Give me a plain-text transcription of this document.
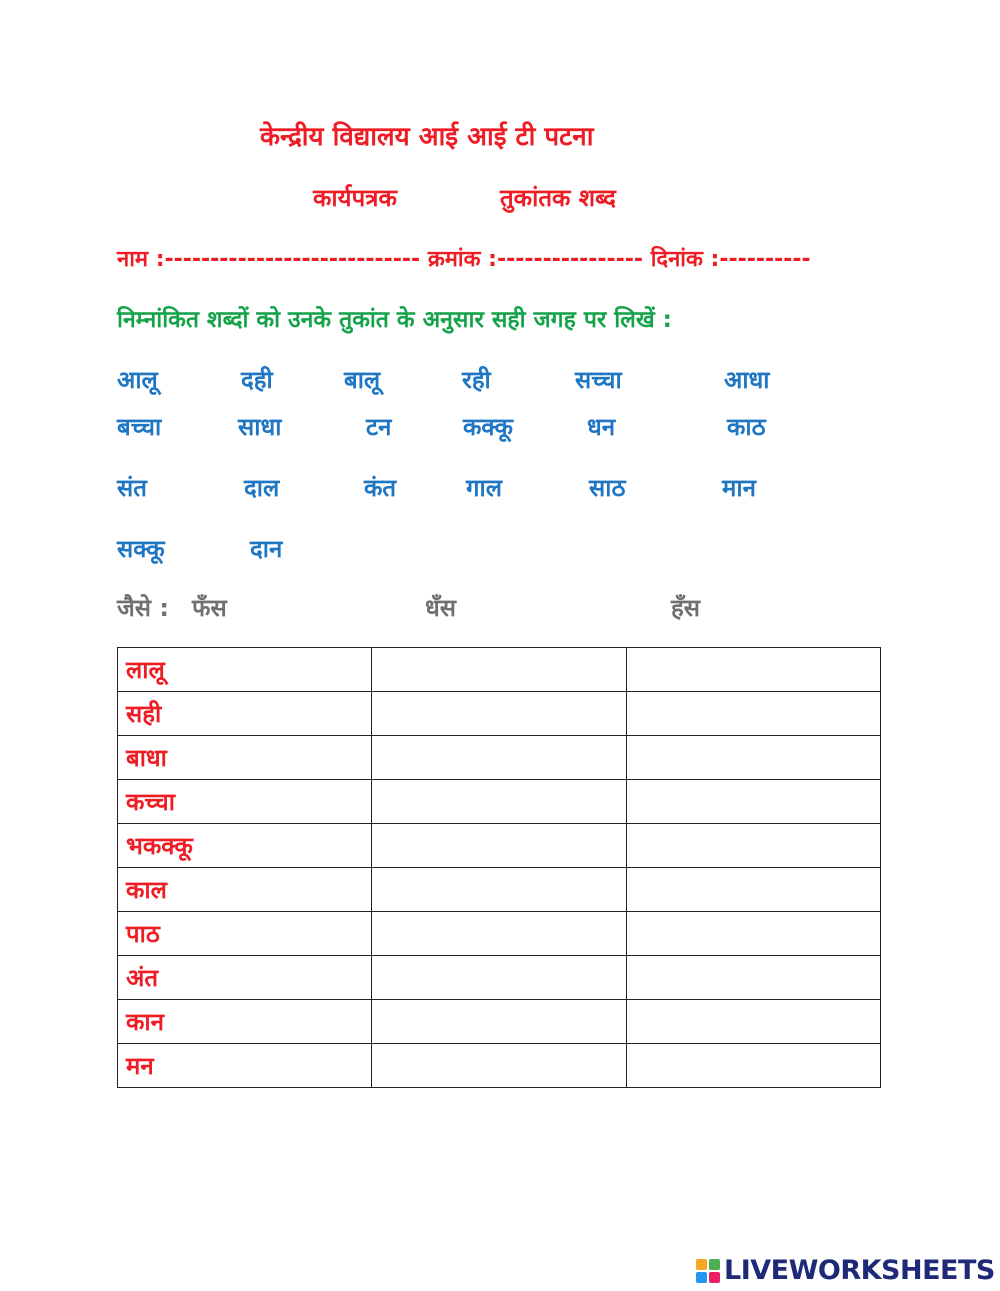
केन्द्रीय विद्यालय आई आई टी पटना
कार्यपत्रक	तुकांतक शब्द
नाम :---------------------------- क्रमांक :---------------- दिनांक :----------
निम्नांकित शब्दों को उनके तुकांत के अनुसार सही जगह पर लिखें :
आलू	दही	बालू	रही	सच्चा	आधा
बच्चा	साधा	टन	कक्कू	धन	काठ
संत	दाल	कंत	गाल	साठ	मान
सक्कू	दान
जैसे : फँस	धँस	हँस
लालू		
सही		
बाधा		
कच्चा		
भकक्कू		
काल		
पाठ		
अंत		
कान		
मन		
LIVEWORKSHEETS
